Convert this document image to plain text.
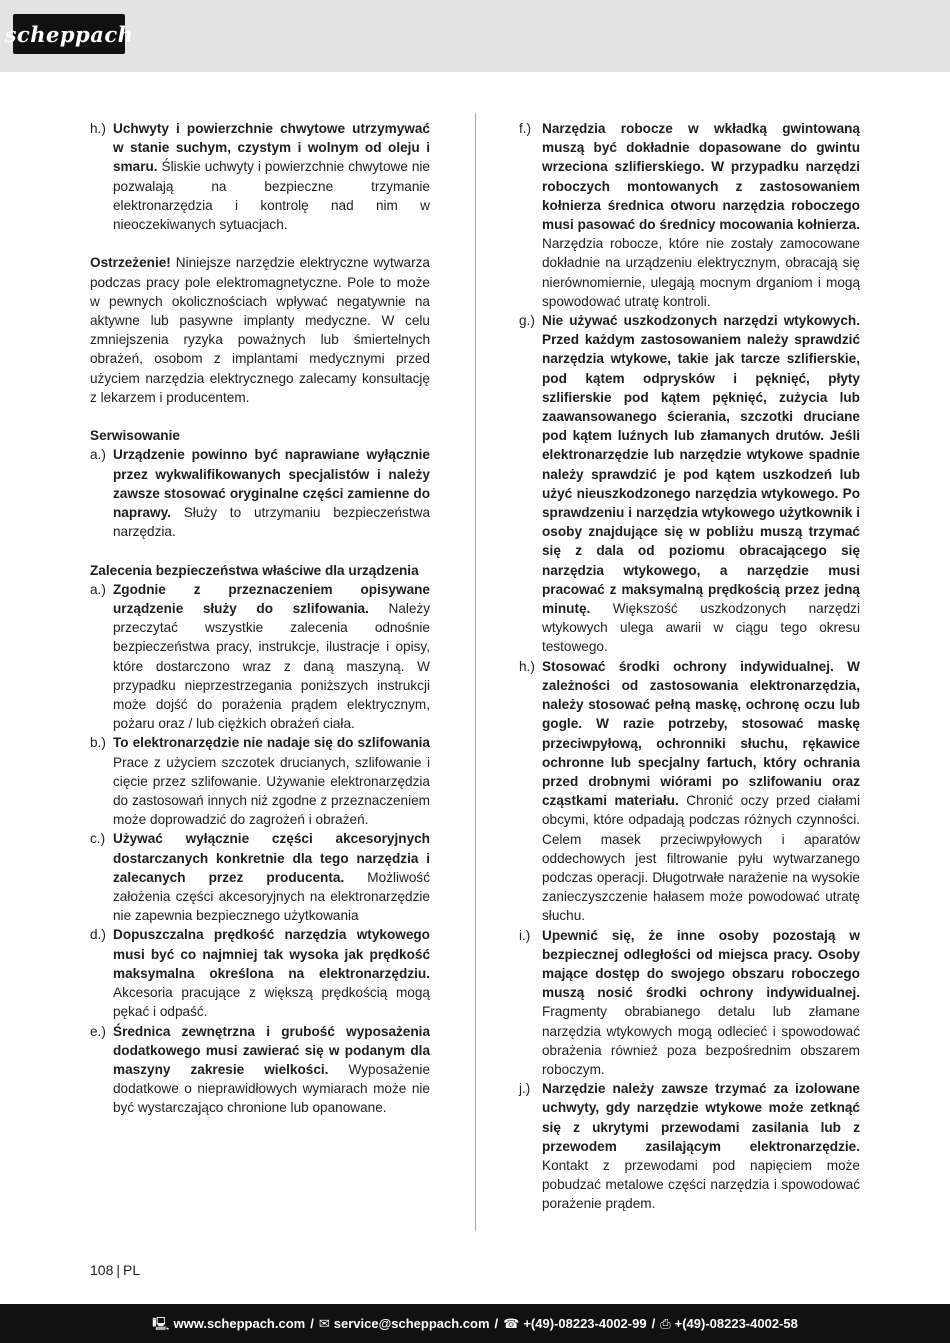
scheppach
h.) Uchwyty i powierzchnie chwytowe utrzymywać w stanie suchym, czystym i wolnym od oleju i smaru. Śliskie uchwyty i powierzchnie chwytowe nie pozwalają na bezpieczne trzymanie elektronarzędzia i kontrolę nad nim w nieoczekiwanych sytuacjach.
Ostrzeżenie! Niniejsze narzędzie elektryczne wytwarza podczas pracy pole elektromagnetyczne. Pole to może w pewnych okolicznościach wpływać negatywnie na aktywne lub pasywne implanty medyczne. W celu zmniejszenia ryzyka poważnych lub śmiertelnych obrażeń, osobom z implantami medycznymi przed użyciem narzędzia elektrycznego zalecamy konsultację z lekarzem i producentem.
Serwisowanie
a.) Urządzenie powinno być naprawiane wyłącznie przez wykwalifikowanych specjalistów i należy zawsze stosować oryginalne części zamienne do naprawy. Służy to utrzymaniu bezpieczeństwa narzędzia.
Zalecenia bezpieczeństwa właściwe dla urządzenia
a.) Zgodnie z przeznaczeniem opisywane urządzenie służy do szlifowania. Należy przeczytać wszystkie zalecenia odnośnie bezpieczeństwa pracy, instrukcje, ilustracje i opisy, które dostarczono wraz z daną maszyną. W przypadku nieprzestrzegania poniższych instrukcji może dojść do porażenia prądem elektrycznym, pożaru oraz / lub ciężkich obrażeń ciała.
b.) To elektronarzędzie nie nadaje się do szlifowania Prace z użyciem szczotek drucianych, szlifowanie i cięcie przez szlifowanie. Używanie elektronarzędzia do zastosowań innych niż zgodne z przeznaczeniem może doprowadzić do zagrożeń i obrażeń.
c.) Używać wyłącznie części akcesoryjnych dostarczanych konkretnie dla tego narzędzia i zalecanych przez producenta. Możliwość założenia części akcesoryjnych na elektronarzędzie nie zapewnia bezpiecznego użytkowania
d.) Dopuszczalna prędkość narzędzia wtykowego musi być co najmniej tak wysoka jak prędkość maksymalna określona na elektronarzędziu. Akcesoria pracujące z większą prędkością mogą pękać i odpaść.
e.) Średnica zewnętrzna i grubość wyposażenia dodatkowego musi zawierać się w podanym dla maszyny zakresie wielkości. Wyposażenie dodatkowe o nieprawidłowych wymiarach może nie być wystarczająco chronione lub opanowane.
f.) Narzędzia robocze w wkładką gwintowaną muszą być dokładnie dopasowane do gwintu wrzeciona szlifierskiego. W przypadku narzędzi roboczych montowanych z zastosowaniem kołnierza średnica otworu narzędzia roboczego musi pasować do średnicy mocowania kołnierza. Narzędzia robocze, które nie zostały zamocowane dokładnie na urządzeniu elektrycznym, obracają się nierównomiernie, ulegają mocnym drganiom i mogą spowodować utratę kontroli.
g.) Nie używać uszkodzonych narzędzi wtykowych. Przed każdym zastosowaniem należy sprawdzić narzędzia wtykowe, takie jak tarcze szlifierskie, pod kątem odprysków i pęknięć, płyty szlifierskie pod kątem pęknięć, zużycia lub zaawansowanego ścierania, szczotki druciane pod kątem luźnych lub złamanych drutów. Jeśli elektronarzędzie lub narzędzie wtykowe spadnie należy sprawdzić je pod kątem uszkodzeń lub użyć nieuszkodzonego narzędzia wtykowego. Po sprawdzeniu i narzędzia wtykowego użytkownik i osoby znajdujące się w pobliżu muszą trzymać się z dala od poziomu obracającego się narzędzia wtykowego, a narzędzie musi pracować z maksymalną prędkością przez jedną minutę. Większość uszkodzonych narzędzi wtykowych ulega awarii w ciągu tego okresu testowego.
h.) Stosować środki ochrony indywidualnej. W zależności od zastosowania elektronarzędzia, należy stosować pełną maskę, ochronę oczu lub gogle. W razie potrzeby, stosować maskę przeciwpyłową, ochronniki słuchu, rękawice ochronne lub specjalny fartuch, który ochrania przed drobnymi wiórami po szlifowaniu oraz cząstkami materiału. Chronić oczy przed ciałami obcymi, które odpadają podczas różnych czynności. Celem masek przeciwpyłowych i aparatów oddechowych jest filtrowanie pyłu wytwarzanego podczas operacji. Długotrwałe narażenie na wysokie zanieczyszczenie hałasem może powodować utratę słuchu.
i.) Upewnić się, że inne osoby pozostają w bezpiecznej odległości od miejsca pracy. Osoby mające dostęp do swojego obszaru roboczego muszą nosić środki ochrony indywidualnej. Fragmenty obrabianego detalu lub złamane narzędzia wtykowych mogą odlecieć i spowodować obrażenia również poza bezpośrednim obszarem roboczym.
j.) Narzędzie należy zawsze trzymać za izolowane uchwyty, gdy narzędzie wtykowe może zetknąć się z ukrytymi przewodami zasilania lub z przewodem zasilającym elektronarzędzie. Kontakt z przewodami pod napięciem może pobudzać metalowe części narzędzia i spowodować porażenie prądem.
108 | PL
🖳 www.scheppach.com / ✉ service@scheppach.com / ☎ +(49)-08223-4002-99 / ⎙ +(49)-08223-4002-58
